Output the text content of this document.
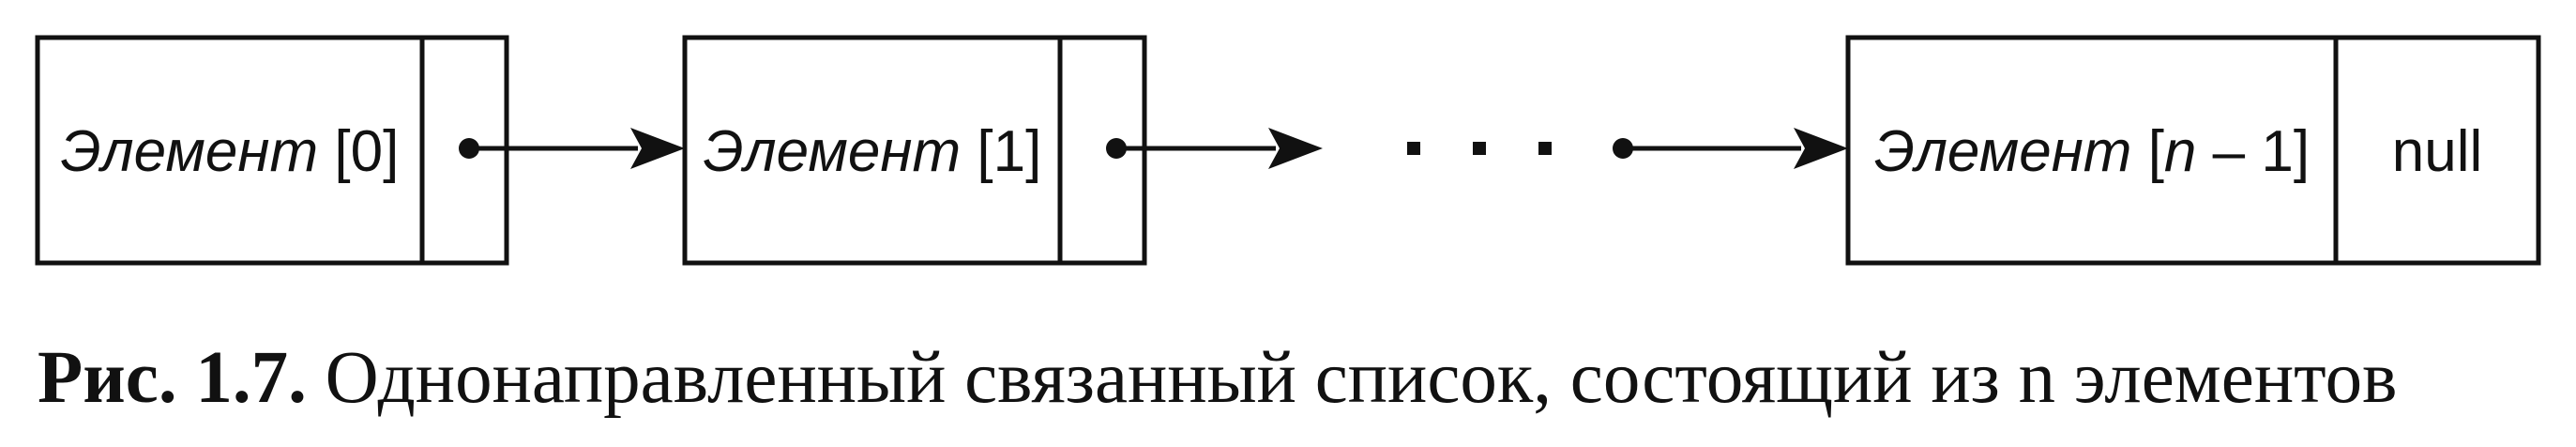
Элемент [0]	Элемент [1]	· · ·	Элемент [n – 1] null
Рис. 1.7. Однонаправленный связанный список, состоящий из n элементов
